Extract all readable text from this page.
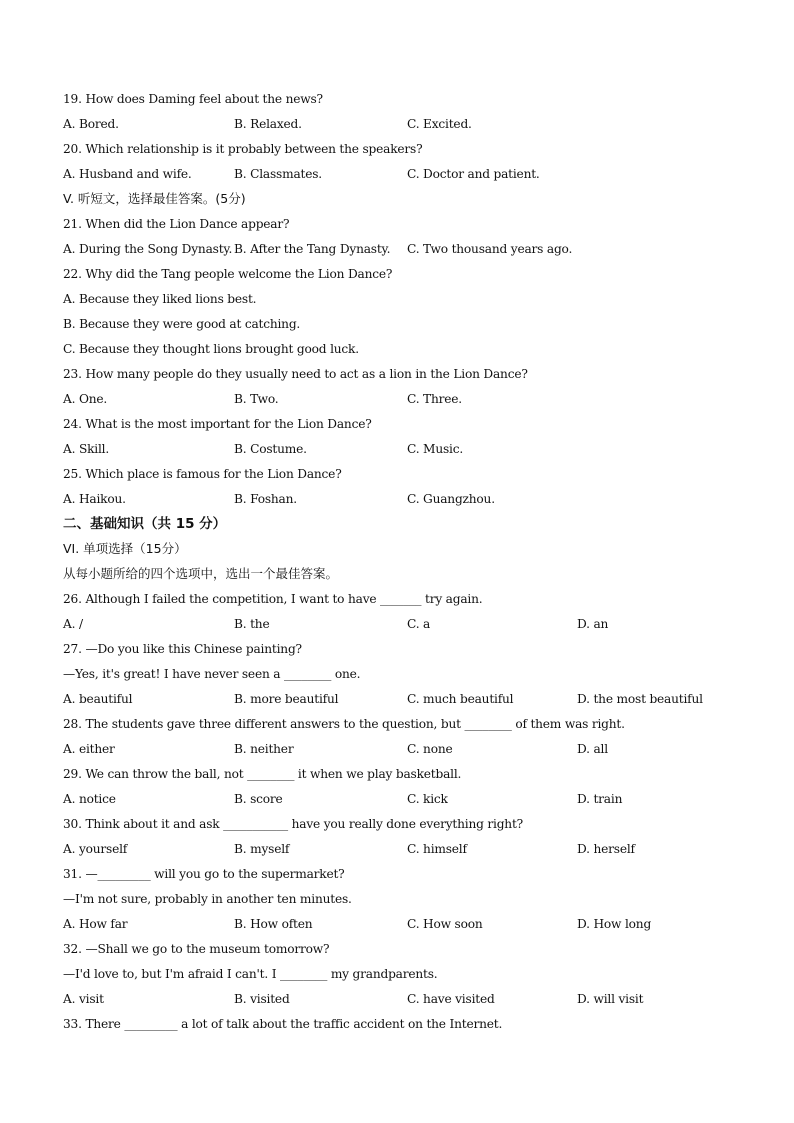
19. How does Daming feel about the news?
A. Bored.	B. Relaxed.	C. Excited.
20. Which relationship is it probably between the speakers?
A. Husband and wife.	B. Classmates.	C. Doctor and patient.
V. 听短文，选择最佳答案。(5分)
21. When did the Lion Dance appear?
A. During the Song Dynasty. B. After the Tang Dynasty. C. Two thousand years ago.
22. Why did the Tang people welcome the Lion Dance?
A. Because they liked lions best.
B. Because they were good at catching.
C. Because they thought lions brought good luck.
23. How many people do they usually need to act as a lion in the Lion Dance?
A. One.	B. Two.	C. Three.
24. What is the most important for the Lion Dance?
A. Skill.	B. Costume.	C. Music.
25. Which place is famous for the Lion Dance?
A. Haikou.	B. Foshan.	C. Guangzhou.
二、基础知识（共 15 分）
VI. 单项选择（15分）
从每小题所给的四个选项中，选出一个最佳答案。
26. Although I failed the competition, I want to have _______ try again.
A. /	B. the	C. a	D. an
27. —Do you like this Chinese painting?
—Yes, it's great! I have never seen a ________ one.
A. beautiful	B. more beautiful	C. much beautiful	D. the most beautiful
28. The students gave three different answers to the question, but ________ of them was right.
A. either	B. neither	C. none	D. all
29. We can throw the ball, not ________ it when we play basketball.
A. notice	B. score	C. kick	D. train
30. Think about it and ask ___________ have you really done everything right?
A. yourself	B. myself	C. himself	D. herself
31. —_________ will you go to the supermarket?
—I'm not sure, probably in another ten minutes.
A. How far	B. How often	C. How soon	D. How long
32. —Shall we go to the museum tomorrow?
—I'd love to, but I'm afraid I can't. I ________ my grandparents.
A. visit	B. visited	C. have visited	D. will visit
33. There _________ a lot of talk about the traffic accident on the Internet.
